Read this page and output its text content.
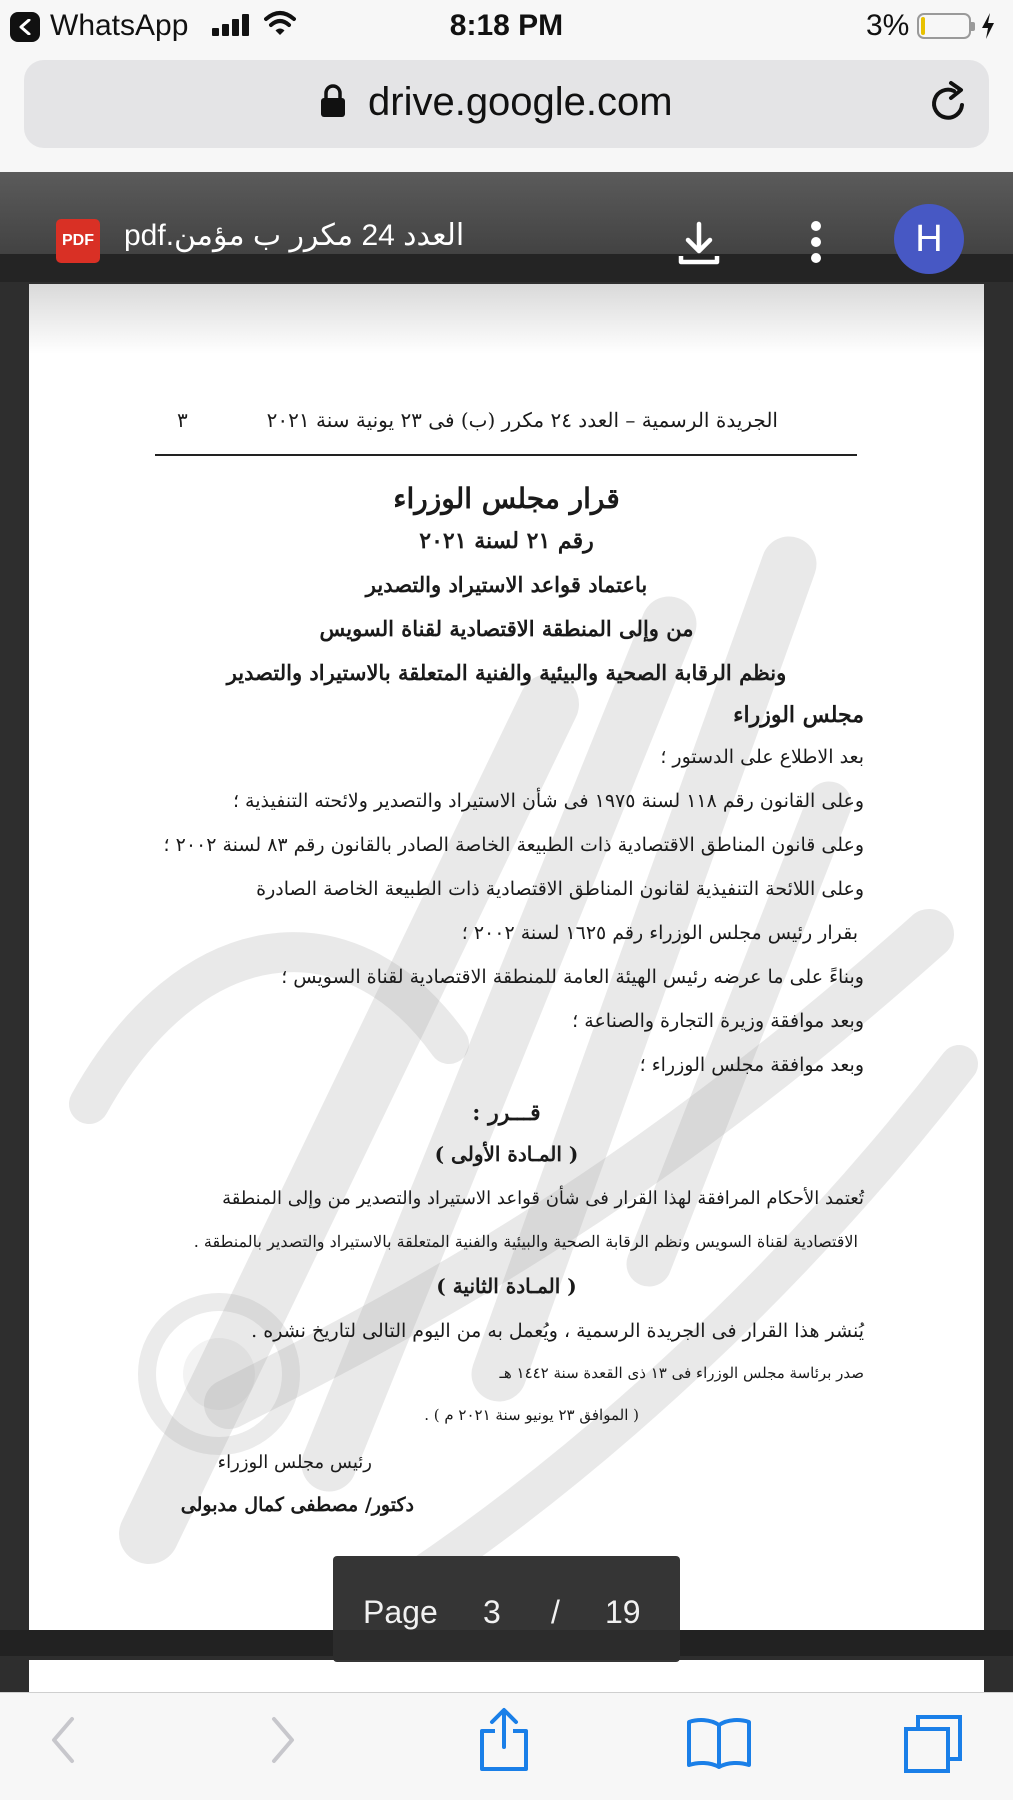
WhatsApp	8:18 PM	3%
drive.google.com
PDF العدد 24 مكرر ب مؤمن.pdf	H
٣	الجريدة الرسمية – العدد ٢٤ مكرر (ب) فى ٢٣ يونية سنة ٢٠٢١
قرار مجلس الوزراء
رقم ٢١ لسنة ٢٠٢١
باعتماد قواعد الاستيراد والتصدير
من وإلى المنطقة الاقتصادية لقناة السويس
ونظم الرقابة الصحية والبيئية والفنية المتعلقة بالاستيراد والتصدير
مجلس الوزراء
بعد الاطلاع على الدستور ؛
وعلى القانون رقم ١١٨ لسنة ١٩٧٥ فى شأن الاستيراد والتصدير ولائحته التنفيذية ؛
وعلى قانون المناطق الاقتصادية ذات الطبيعة الخاصة الصادر بالقانون رقم ٨٣ لسنة ٢٠٠٢ ؛
وعلى اللائحة التنفيذية لقانون المناطق الاقتصادية ذات الطبيعة الخاصة الصادرة
بقرار رئيس مجلس الوزراء رقم ١٦٢٥ لسنة ٢٠٠٢ ؛
وبناءً على ما عرضه رئيس الهيئة العامة للمنطقة الاقتصادية لقناة السويس ؛
وبعد موافقة وزيرة التجارة والصناعة ؛
وبعد موافقة مجلس الوزراء ؛
قـــرر :
( المـادة الأولى )
تُعتمد الأحكام المرافقة لهذا القرار فى شأن قواعد الاستيراد والتصدير من وإلى المنطقة
الاقتصادية لقناة السويس ونظم الرقابة الصحية والبيئية والفنية المتعلقة بالاستيراد والتصدير بالمنطقة .
( المـادة الثانية )
يُنشر هذا القرار فى الجريدة الرسمية ، ويُعمل به من اليوم التالى لتاريخ نشره .
صدر برئاسة مجلس الوزراء فى ١٣ ذى القعدة سنة ١٤٤٢ هـ
( الموافق ٢٣ يونيو سنة ٢٠٢١ م ) .
رئيس مجلس الوزراء
دكتور/ مصطفى كمال مدبولى
Page 3 / 19
